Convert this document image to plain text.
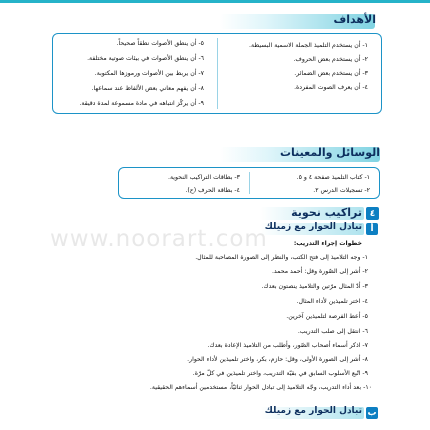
الأهداف
١- أن يستخدم التلميذ الجملة الاسمية البسيطة.
٢- أن يستخدم بعض الحروف.
٣- أن يستخدم بعض الضمائر.
٤- أن يعرف الصوت المفردة.
٥- أن ينطق الأصوات نطقاً صحيحاً.
٦- أن ينطق الأصوات في بيئات صوتية مختلفة.
٧- أن يربط بين الأصوات ورموزها المكتوبة.
٨- أن يفهم معاني بعض الألفاظ عند سماعها.
٩- أن يركّز انتباهه في مادة مسموعة لمدة دقيقة.
الوسائل والمعينات
١- كتاب التلميذ صفحة ٤ و ٥.
٢- تسجيلات الدرس ٢.
٣- بطاقات التراكيب النحوية.
٤- بطاقة الحرف (ح).
٤
تراكيب نحوية
أ
تبادل الحوار مع زميلك
www.noorart.com	خطوات إجراء التدريب:
١- وجه التلاميذ إلى فتح الكتب، والنظر إلى الصورة المصاحبة للمثال.
٢- أشر إلى الصّورة وقل: أحمد محمد.
٣- أدّ المثال مرّتين والتلاميذ ينصتون بعدك.
٤- اختر تلميذين لأداء المثال.
٥- أعط الفرصة لتلميذين آخرين.
٦- انتقل إلى صلب التدريب.
٧- اذكر أسماء أصحاب الصّور، وأطلب من التلاميذ الإعادة بعدك.
٨- أشر إلى الصورة الأولى، وقل: حازم، بكر، واختر تلميذين لأداء الحوار.
٩- اتّبع الأسلوب السابق في بقيّة التدريب، واختر تلميذين في كلّ مرّة.
١٠- بعد أداء التدريب، وجّه التلاميذ إلى تبادل الحوار ثنائيّاً، مستخدمين أسماءهم الحقيقية.
ب
تبادل الحوار مع زميلك
